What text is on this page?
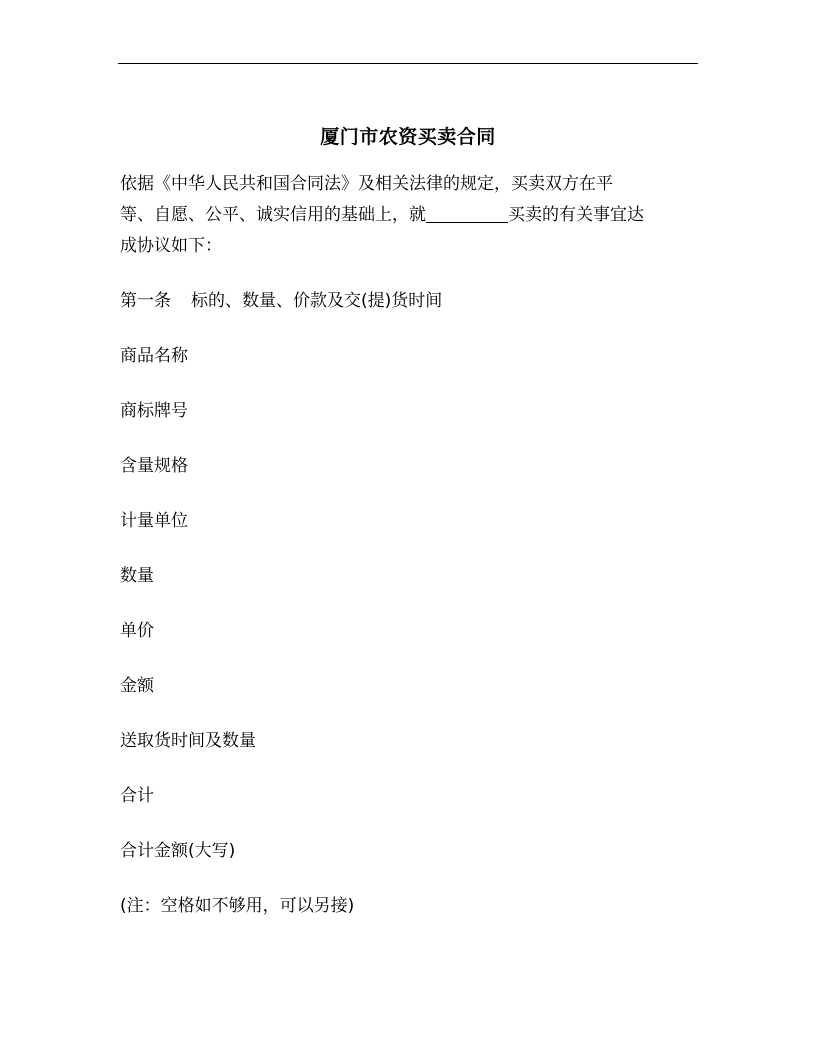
厦门市农资买卖合同

依据《中华人民共和国合同法》及相关法律的规定，买卖双方在平
等、自愿、公平、诚实信用的基础上，就	买卖的有关事宜达
成协议如下：

第一条 标的、数量、价款及交(提)货时间

商品名称

商标牌号

含量规格

计量单位

数量

单价

金额

送取货时间及数量

合计

合计金额(大写)

(注：空格如不够用，可以另接)
